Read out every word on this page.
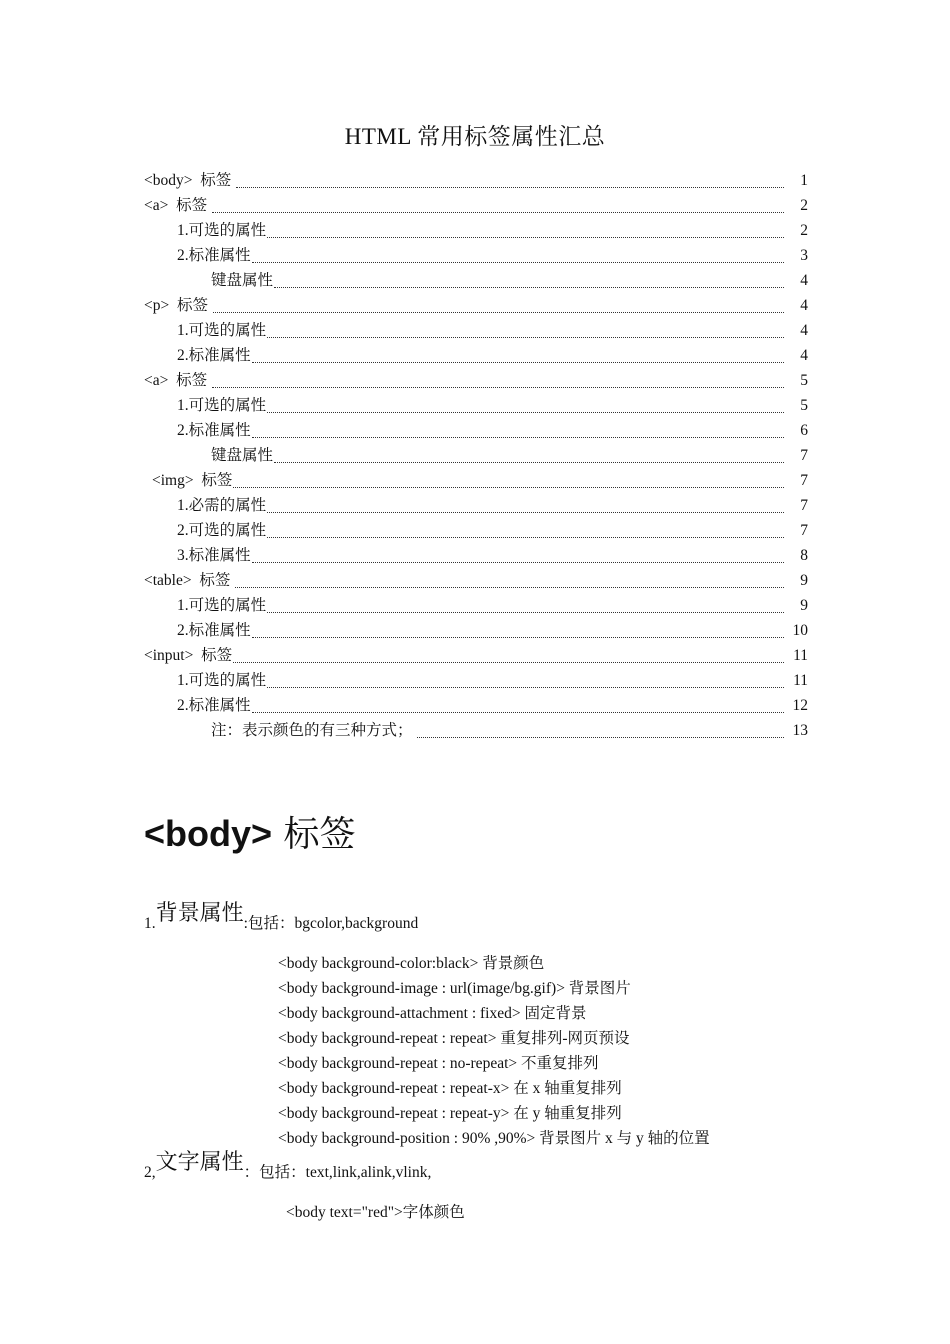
HTML 常用标签属性汇总
<body>  标签	1
<a>  标签	2
1.可选的属性	2
2.标准属性	3
键盘属性	4
<p>  标签	4
1.可选的属性	4
2.标准属性	4
<a>  标签	5
1.可选的属性	5
2.标准属性	6
键盘属性	7
<img>  标签	7
1.必需的属性	7
2.可选的属性	7
3.标准属性	8
<table>  标签	9
1.可选的属性	9
2.标准属性	10
<input>  标签	11
1.可选的属性	11
2.标准属性	12
注：表示颜色的有三种方式；	13
<body> 标签
1.背景属性:包括：bgcolor,background
<body background-color:black> 背景颜色
<body background-image : url(image/bg.gif)> 背景图片
<body background-attachment : fixed> 固定背景
<body background-repeat : repeat> 重复排列-网页预设
<body background-repeat : no-repeat> 不重复排列
<body background-repeat : repeat-x> 在 x 轴重复排列
<body background-repeat : repeat-y> 在 y 轴重复排列
<body background-position : 90% ,90%> 背景图片 x 与 y 轴的位置
2,文字属性：包括：text,link,alink,vlink,
<body text="red">字体颜色
